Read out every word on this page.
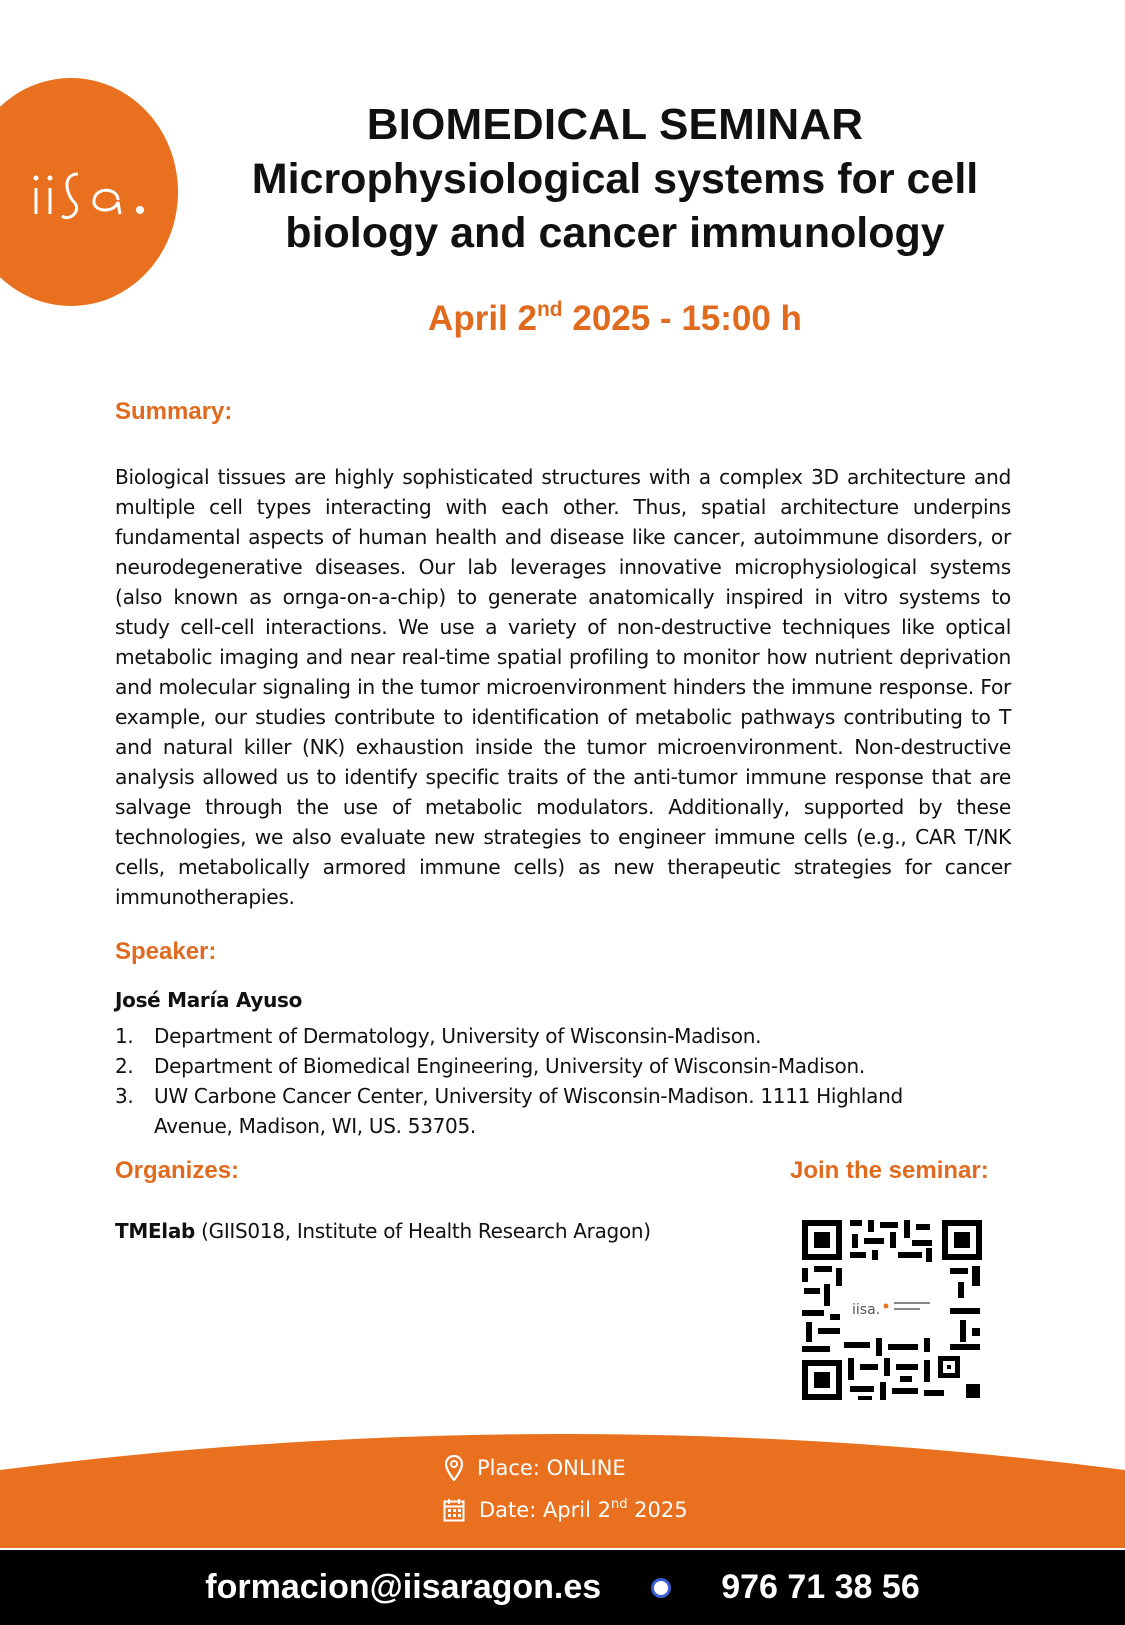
BIOMEDICAL SEMINAR
Microphysiological systems for cell
biology and cancer immunology
April 2nd 2025 - 15:00 h
Summary:

Biological tissues are highly sophisticated structures with a complex 3D architecture and multiple cell types interacting with each other. Thus, spatial architecture underpins fundamental aspects of human health and disease like cancer, autoimmune disorders, or neurodegenerative diseases. Our lab leverages innovative microphysiological systems (also known as ornga-on-a-chip) to generate anatomically inspired in vitro systems to study cell-cell interactions. We use a variety of non-destructive techniques like optical metabolic imaging and near real-time spatial profiling to monitor how nutrient deprivation and molecular signaling in the tumor microenvironment hinders the immune response. For example, our studies contribute to identification of metabolic pathways contributing to T and natural killer (NK) exhaustion inside the tumor microenvironment. Non-destructive analysis allowed us to identify specific traits of the anti-tumor immune response that are salvage through the use of metabolic modulators. Additionally, supported by these technologies, we also evaluate new strategies to engineer immune cells (e.g., CAR T/NK cells, metabolically armored immune cells) as new therapeutic strategies for cancer immunotherapies.

Speaker:
José María Ayuso
1.	Department of Dermatology, University of Wisconsin-Madison.
2.	Department of Biomedical Engineering, University of Wisconsin-Madison.
3.	UW Carbone Cancer Center, University of Wisconsin-Madison. 1111 Highland Avenue, Madison, WI, US. 53705.
Organizes:
TMElab (GIIS018, Institute of Health Research Aragon)
Join the seminar:
iisa.
Place: ONLINE
Date: April 2nd 2025
formacion@iisaragon.es	976 71 38 56
